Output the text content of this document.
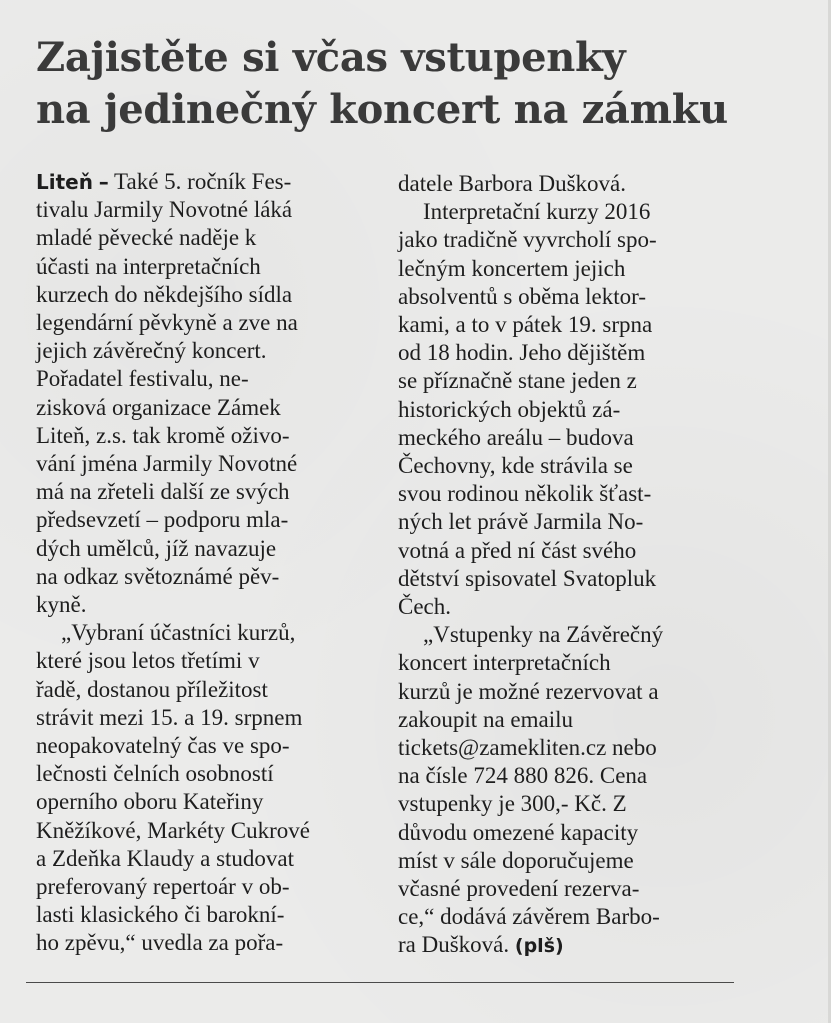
Zajistěte si včas vstupenky
na jedinečný koncert na zámku
Liteň – Také 5. ročník Fes-
tivalu Jarmily Novotné láká
mladé pěvecké naděje k
účasti na interpretačních
kurzech do někdejšího sídla
legendární pěvkyně a zve na
jejich závěrečný koncert.
Pořadatel festivalu, ne-
zisková organizace Zámek
Liteň, z.s. tak kromě oživo-
vání jména Jarmily Novotné
má na zřeteli další ze svých
předsevzetí – podporu mla-
dých umělců, jíž navazuje
na odkaz světoznámé pěv-
kyně.
„Vybraní účastníci kurzů,
které jsou letos třetími v
řadě, dostanou příležitost
strávit mezi 15. a 19. srpnem
neopakovatelný čas ve spo-
lečnosti čelních osobností
operního oboru Kateřiny
Kněžíkové, Markéty Cukrové
a Zdeňka Klaudy a studovat
preferovaný repertoár v ob-
lasti klasického či barokní-
ho zpěvu,“ uvedla za pořa-
datele Barbora Dušková.
Interpretační kurzy 2016
jako tradičně vyvrcholí spo-
lečným koncertem jejich
absolventů s oběma lektor-
kami, a to v pátek 19. srpna
od 18 hodin. Jeho dějištěm
se příznačně stane jeden z
historických objektů zá-
meckého areálu – budova
Čechovny, kde strávila se
svou rodinou několik šťast-
ných let právě Jarmila No-
votná a před ní část svého
dětství spisovatel Svatopluk
Čech.
„Vstupenky na Závěrečný
koncert interpretačních
kurzů je možné rezervovat a
zakoupit na emailu
tickets@zamekliten.cz nebo
na čísle 724 880 826. Cena
vstupenky je 300,- Kč. Z
důvodu omezené kapacity
míst v sále doporučujeme
včasné provedení rezerva-
ce,“ dodává závěrem Barbo-
ra Dušková. (plš)
